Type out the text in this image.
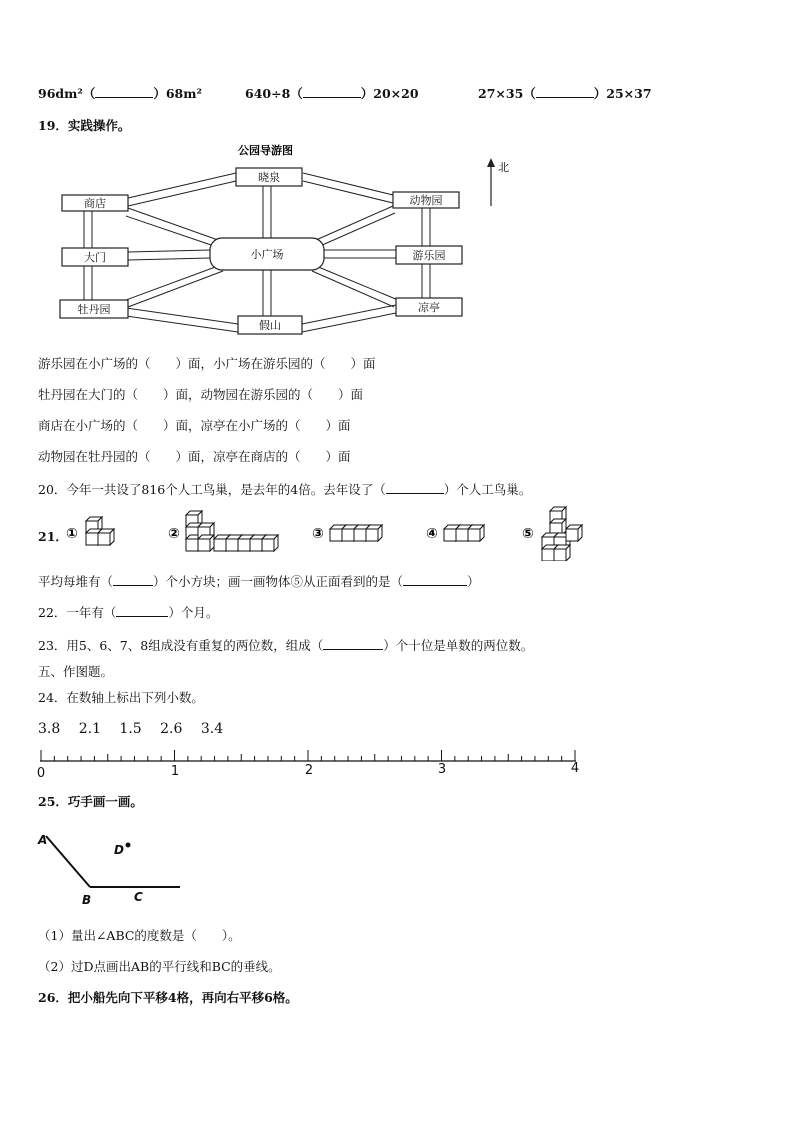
96dm²（	）68m²	640÷8（	）20×20	27×35（	）25×37
19．实践操作。
公园导游图
晓泉
商店	动物园
小广场
大门	游乐园
牡丹园	凉亭
假山
北
游乐园在小广场的（　　）面，小广场在游乐园的（　　）面
牡丹园在大门的（　　）面，动物园在游乐园的（　　）面
商店在小广场的（　　）面，凉亭在小广场的（　　）面
动物园在牡丹园的（　　）面，凉亭在商店的（　　）面
20．今年一共设了816个人工鸟巢，是去年的4倍。去年设了（	）个人工鸟巢。
21．
①	②	③	④	⑤
平均每堆有（	）个小方块；画一画物体⑤从正面看到的是（	）
22．一年有（	）个月。
23．用5、6、7、8组成没有重复的两位数，组成（	）个十位是单数的两位数。
五、作图题。
24．在数轴上标出下列小数。
3.8　 2.1　 1.5　 2.6　 3.4
0	1	2	3	4
25．巧手画一画。
A
B	C
D
（1）量出∠ABC的度数是（　　）。
（2）过D点画出AB的平行线和BC的垂线。
26．把小船先向下平移4格，再向右平移6格。
